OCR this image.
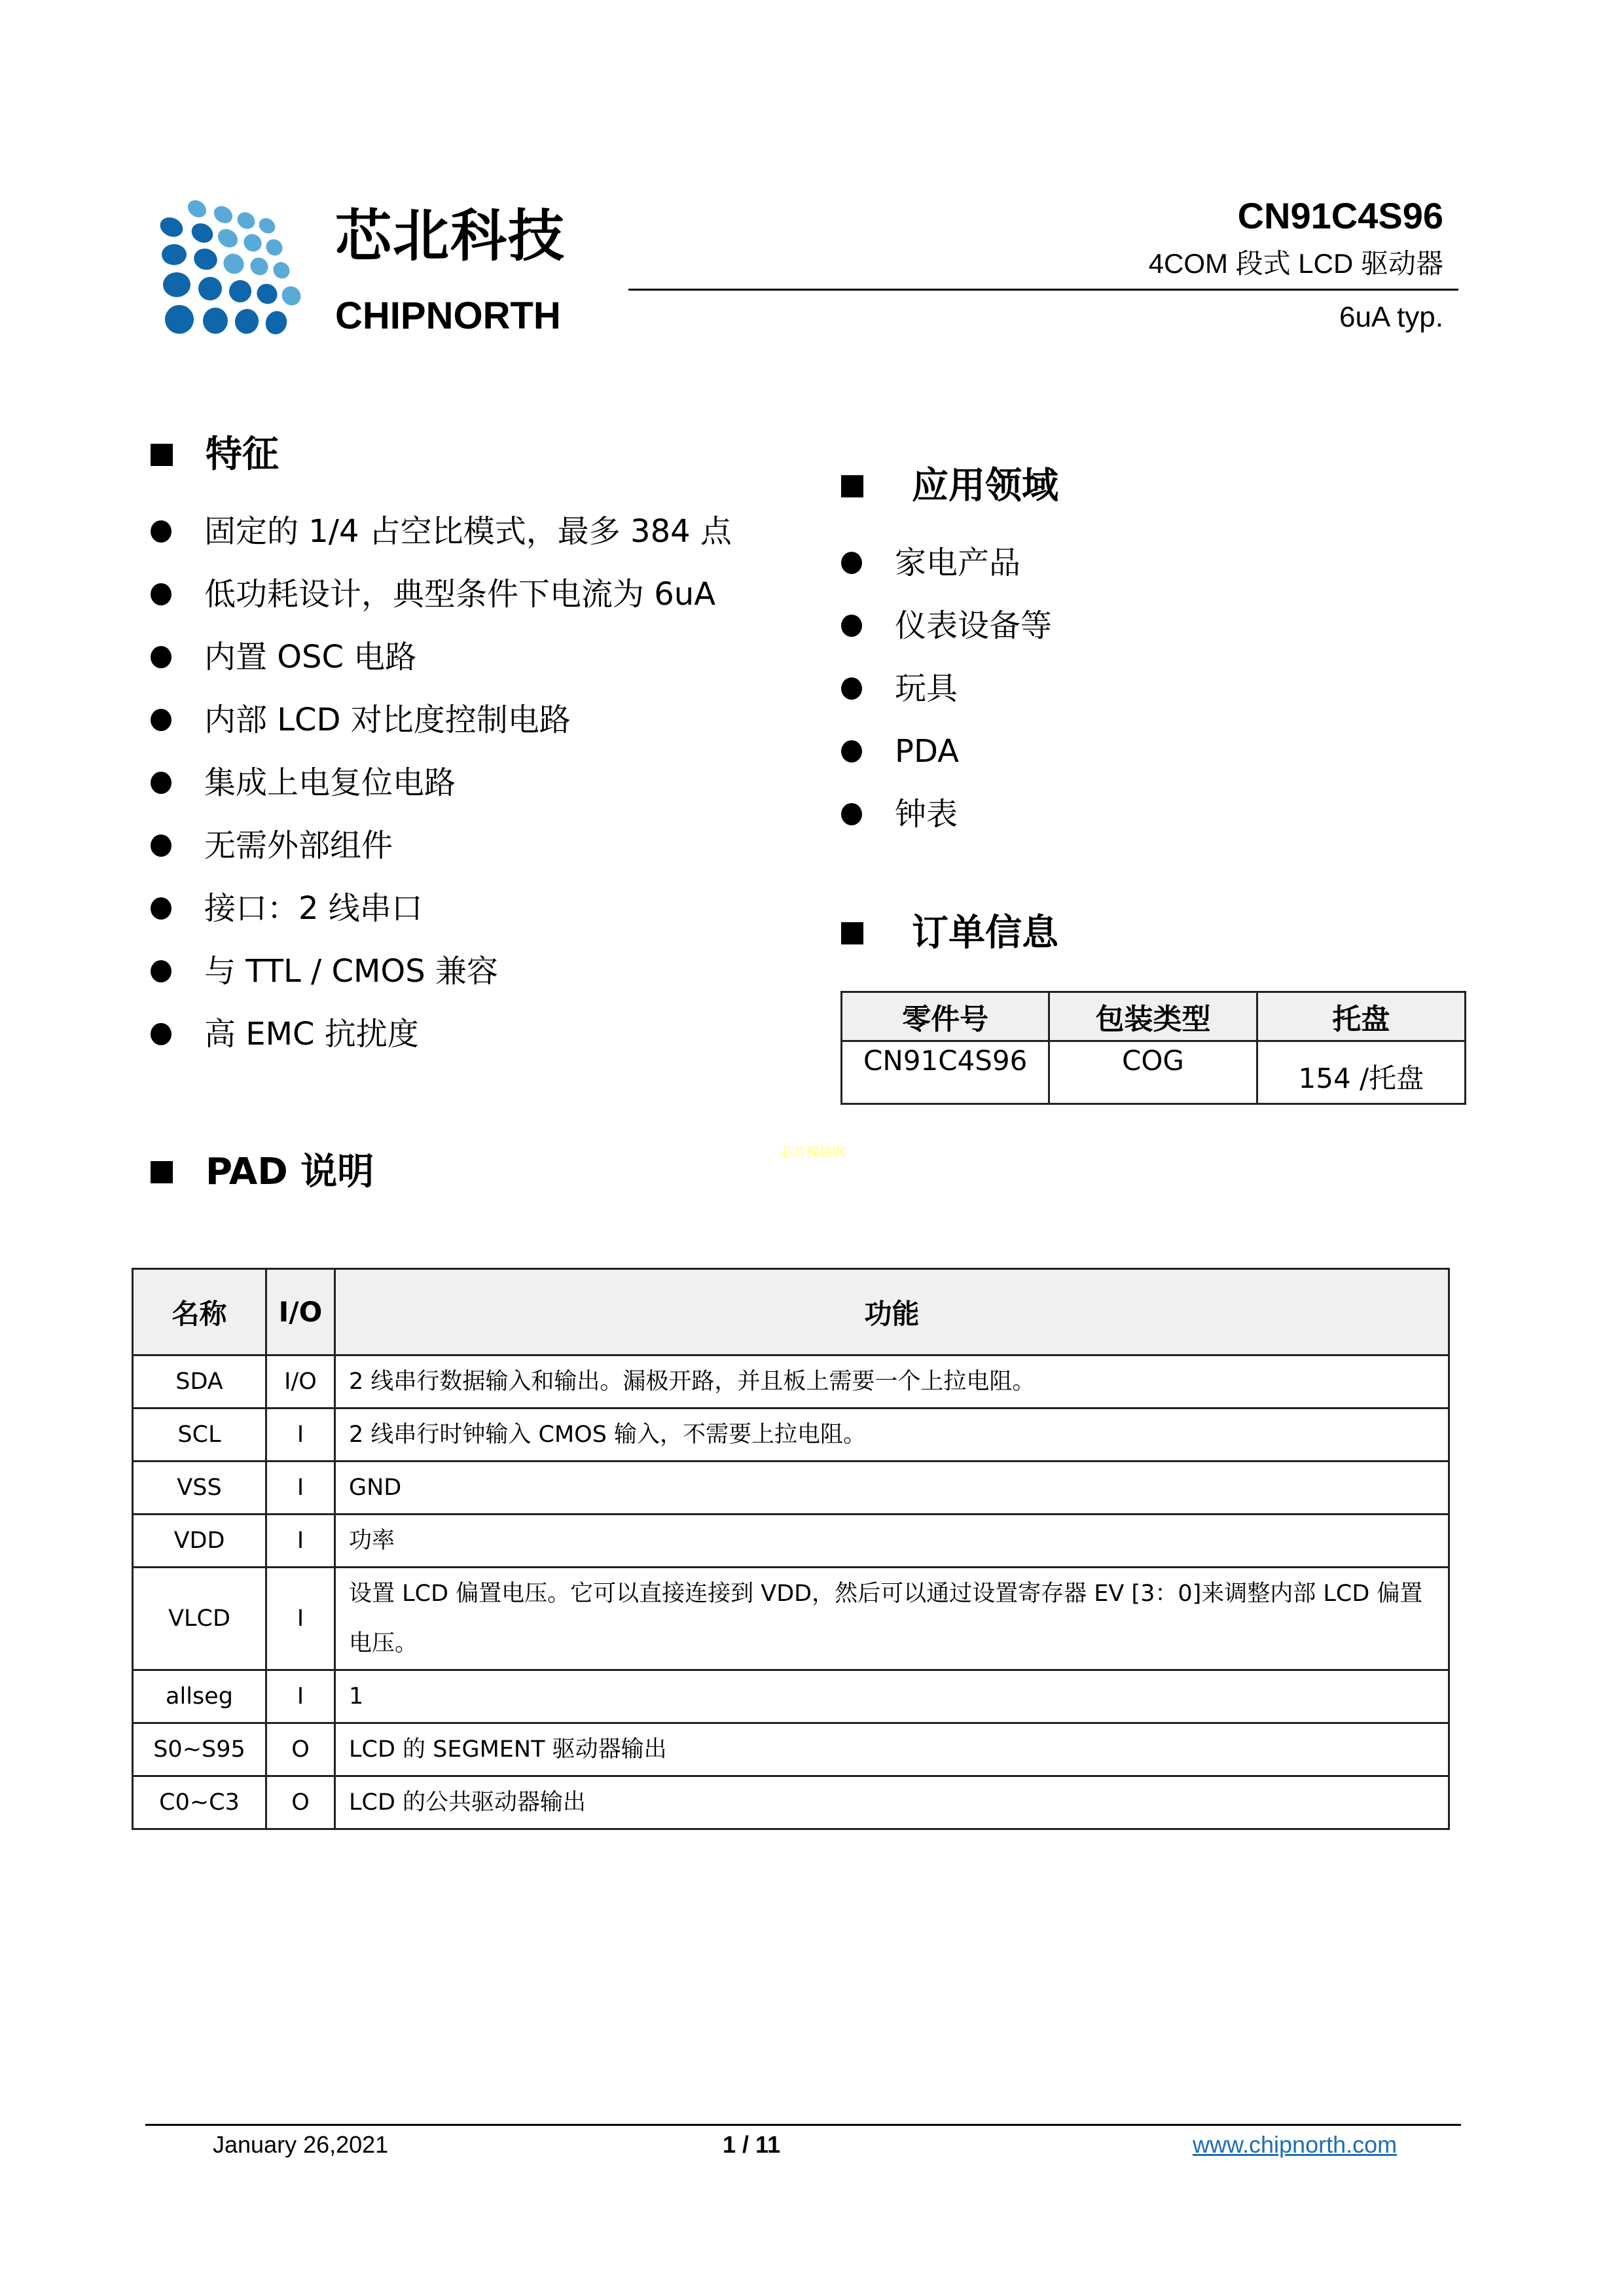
芯北科技
CHIPNORTH
CN91C4S96
4COM 段式 LCD 驱动器
6uA typ.
特征
固定的 1/4 占空比模式，最多 384 点
低功耗设计，典型条件下电流为 6uA
内置 OSC 电路
内部 LCD 对比度控制电路
集成上电复位电路
无需外部组件
接口：2 线串口
与 TTL / CMOS 兼容
高 EMC 抗扰度
应用领域
家电产品
仪表设备等
玩具
PDA
钟表
订单信息
零件号	包装类型	托盘
CN91C4S96	COG	154 /托盘
芯片模块网
PAD 说明
名称	I/O	功能
SDA	I/O	2 线串行数据输入和输出。漏极开路，并且板上需要一个上拉电阻。
SCL	I	2 线串行时钟输入 CMOS 输入，不需要上拉电阻。
VSS	I	GND
VDD	I	功率
VLCD	I	设置 LCD 偏置电压。它可以直接连接到 VDD，然后可以通过设置寄存器 EV [3：0]来调整内部 LCD 偏置电压。
allseg	I	1
S0~S95	O	LCD 的 SEGMENT 驱动器输出
C0~C3	O	LCD 的公共驱动器输出
January 26,2021	1 / 11	www.chipnorth.com
